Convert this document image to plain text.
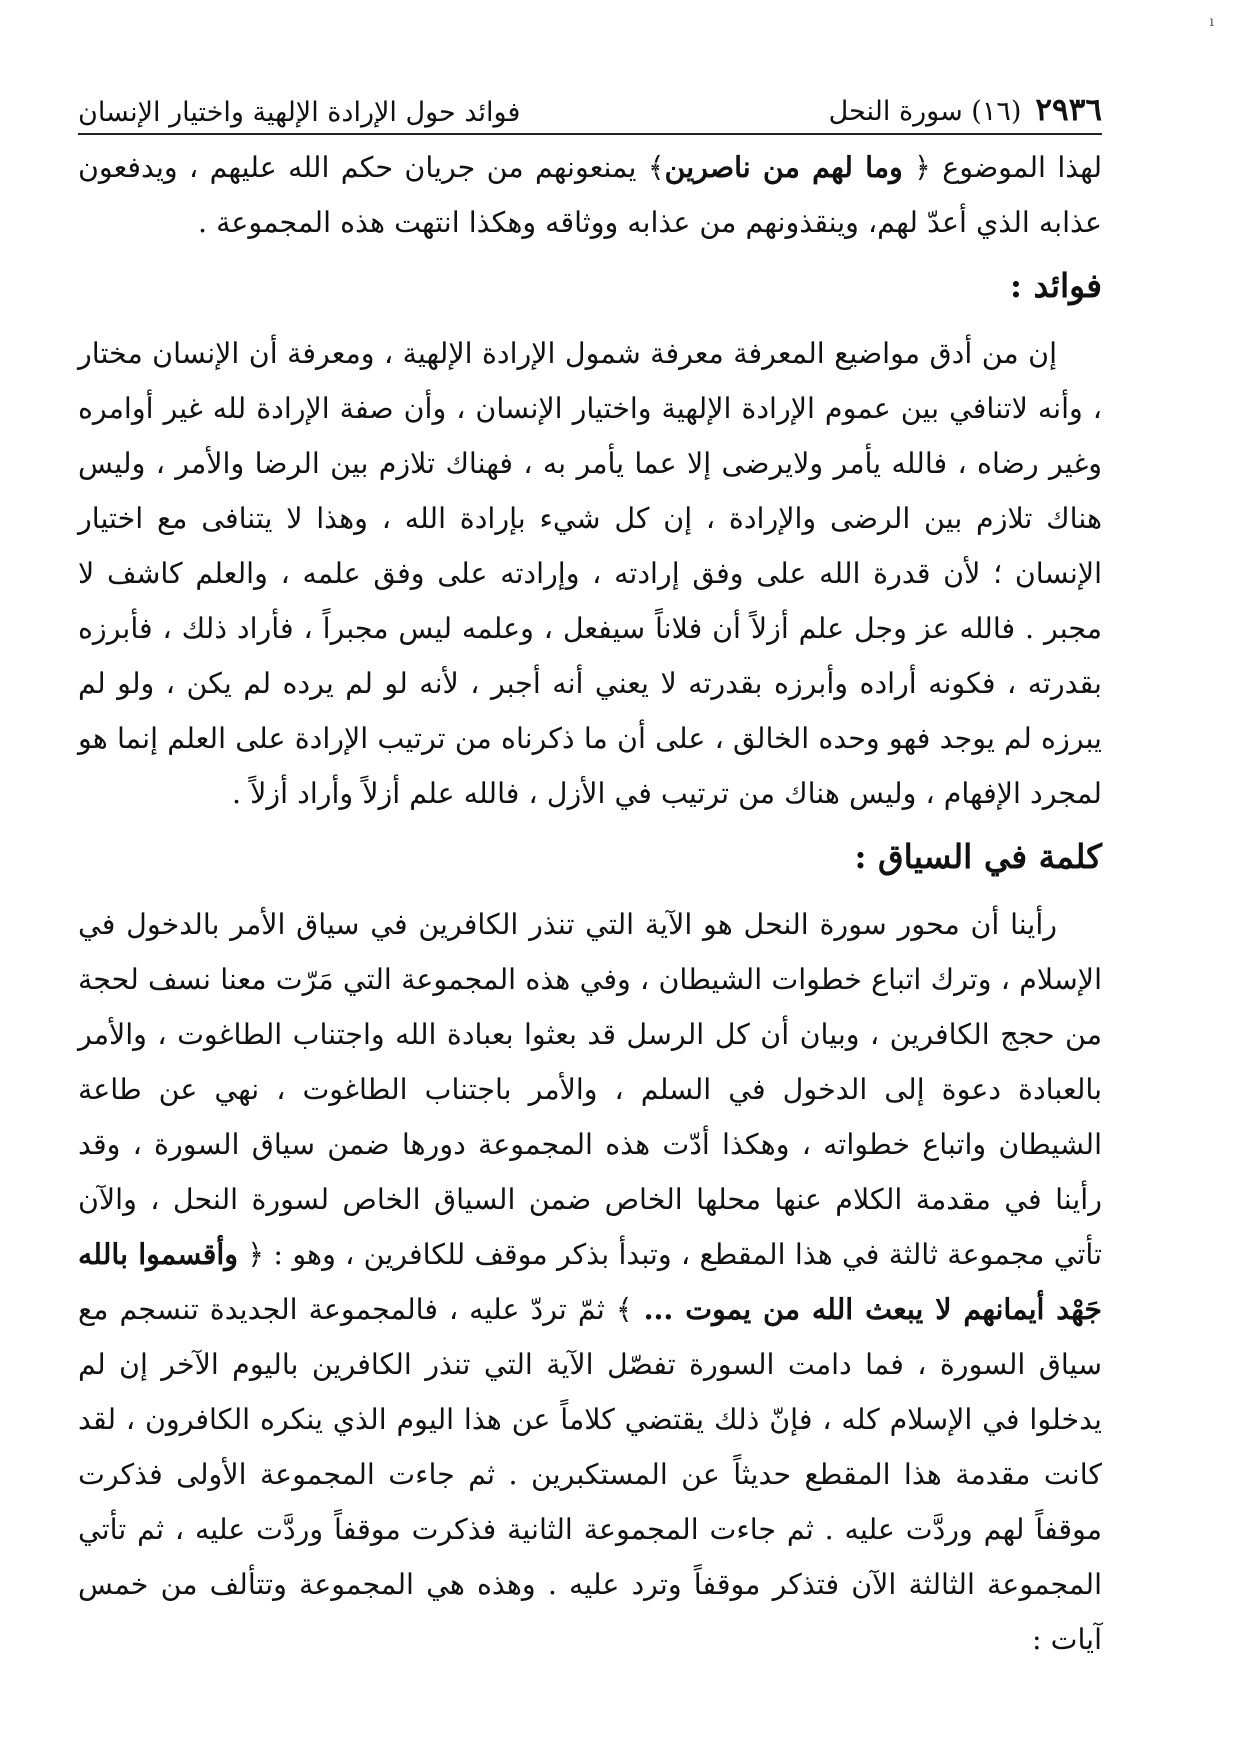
ı
٢٩٣٦
(١٦) سورة النحل
فوائد حول الإرادة الإلهية واختيار الإنسان

لهذا الموضوع ﴿ وما لهم من ناصرين﴾ يمنعونهم من جريان حكم الله عليهم ، ويدفعون عذابه الذي أعدّ لهم، وينقذونهم من عذابه ووثاقه وهكذا انتهت هذه المجموعة .

فوائد :

إن من أدق مواضيع المعرفة معرفة شمول الإرادة الإلهية ، ومعرفة أن الإنسان مختار ، وأنه لاتنافي بين عموم الإرادة الإلهية واختيار الإنسان ، وأن صفة الإرادة لله غير أوامره وغير رضاه ، فالله يأمر ولايرضى إلا عما يأمر به ، فهناك تلازم بين الرضا والأمر ، وليس هناك تلازم بين الرضى والإرادة ، إن كل شيء بإرادة الله ، وهذا لا يتنافى مع اختيار الإنسان ؛ لأن قدرة الله على وفق إرادته ، وإرادته على وفق علمه ، والعلم كاشف لا مجبر . فالله عز وجل علم أزلاً أن فلاناً سيفعل ، وعلمه ليس مجبراً ، فأراد ذلك ، فأبرزه بقدرته ، فكونه أراده وأبرزه بقدرته لا يعني أنه أجبر ، لأنه لو لم يرده لم يكن ، ولو لم يبرزه لم يوجد فهو وحده الخالق ، على أن ما ذكرناه من ترتيب الإرادة على العلم إنما هو لمجرد الإفهام ، وليس هناك من ترتيب في الأزل ، فالله علم أزلاً وأراد أزلاً .

كلمة في السياق :

رأينا أن محور سورة النحل هو الآية التي تنذر الكافرين في سياق الأمر بالدخول في الإسلام ، وترك اتباع خطوات الشيطان ، وفي هذه المجموعة التي مَرّت معنا نسف لحجة من حجج الكافرين ، وبيان أن كل الرسل قد بعثوا بعبادة الله واجتناب الطاغوت ، والأمر بالعبادة دعوة إلى الدخول في السلم ، والأمر باجتناب الطاغوت ، نهي عن طاعة الشيطان واتباع خطواته ، وهكذا أدّت هذه المجموعة دورها ضمن سياق السورة ، وقد رأينا في مقدمة الكلام عنها محلها الخاص ضمن السياق الخاص لسورة النحل ، والآن تأتي مجموعة ثالثة في هذا المقطع ، وتبدأ بذكر موقف للكافرين ، وهو : ﴿ وأقسموا بالله جَهْد أيمانهم لا يبعث الله من يموت ... ﴾ ثمّ تردّ عليه ، فالمجموعة الجديدة تنسجم مع سياق السورة ، فما دامت السورة تفصّل الآية التي تنذر الكافرين باليوم الآخر إن لم يدخلوا في الإسلام كله ، فإنّ ذلك يقتضي كلاماً عن هذا اليوم الذي ينكره الكافرون ، لقد كانت مقدمة هذا المقطع حديثاً عن المستكبرين . ثم جاءت المجموعة الأولى فذكرت موقفاً لهم وردَّت عليه . ثم جاءت المجموعة الثانية فذكرت موقفاً وردَّت عليه ، ثم تأتي المجموعة الثالثة الآن فتذكر موقفاً وترد عليه . وهذه هي المجموعة وتتألف من خمس آيات :
